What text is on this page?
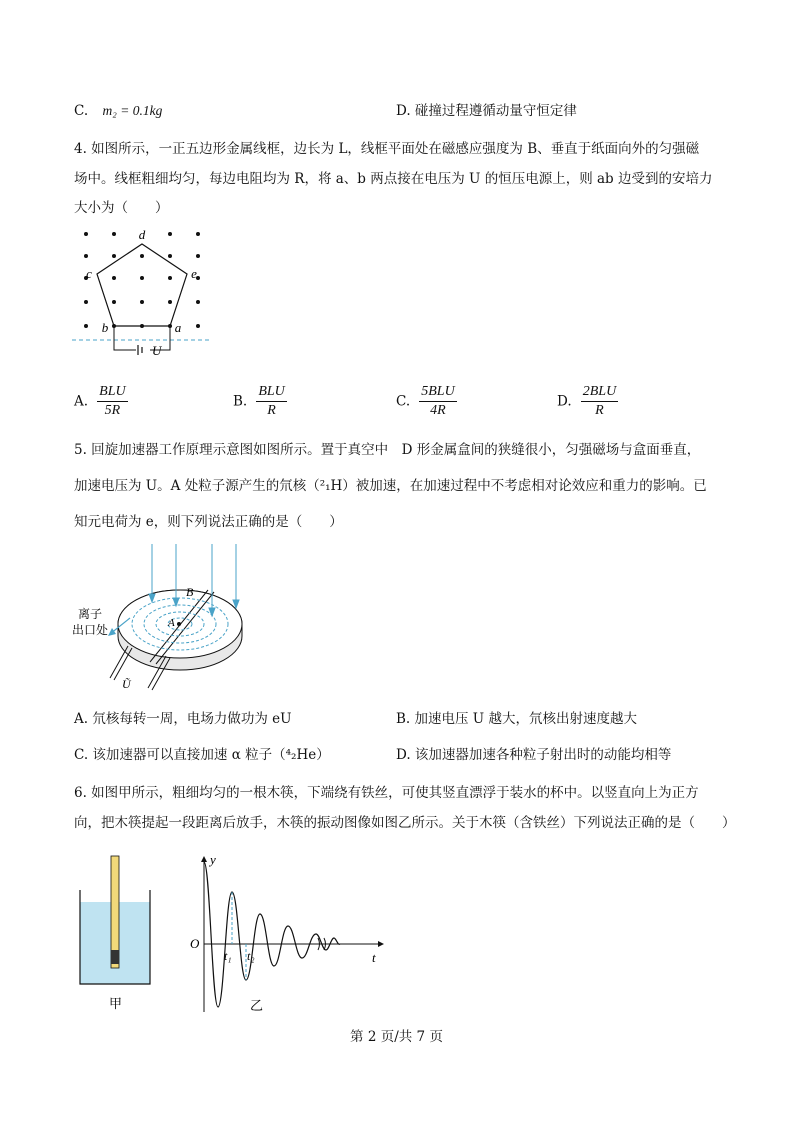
C. m₂ = 0.1kg	D. 碰撞过程遵循动量守恒定律
4. 如图所示，一正五边形金属线框，边长为 L，线框平面处在磁感应强度为 B、垂直于纸面向外的匀强磁
场中。线框粗细均匀，每边电阻均为 R，将 a、b 两点接在电压为 U 的恒压电源上，则 ab 边受到的安培力
大小为（　　）
d
c	e
b	a
U
A. $\frac{\text{BLU}}{5R}$	B. $\frac{\text{BLU}}{R}$	C. $\frac{\text{5BLU}}{4R}$	D. $\frac{\text{2BLU}}{R}$
5. 回旋加速器工作原理示意图如图所示。置于真空中　D 形金属盒间的狭缝很小，匀强磁场与盒面垂直，
加速电压为 U。A 处粒子源产生的氘核（²₁H）被加速，在加速过程中不考虑相对论效应和重力的影响。已
知元电荷为 e，则下列说法正确的是（　　）
B
A
离子
出口处
Ũ
A. 氘核每转一周，电场力做功为 eU	B. 加速电压 U 越大，氘核出射速度越大
C. 该加速器可以直接加速 α 粒子（⁴₂He）	D. 该加速器加速各种粒子射出时的动能均相等
6. 如图甲所示，粗细均匀的一根木筷，下端绕有铁丝，可使其竖直漂浮于装水的杯中。以竖直向上为正方
向，把木筷提起一段距离后放手，木筷的振动图像如图乙所示。关于木筷（含铁丝）下列说法正确的是（　　）
甲
y
t
O
t₁ t₂
乙
第 2 页/共 7 页
